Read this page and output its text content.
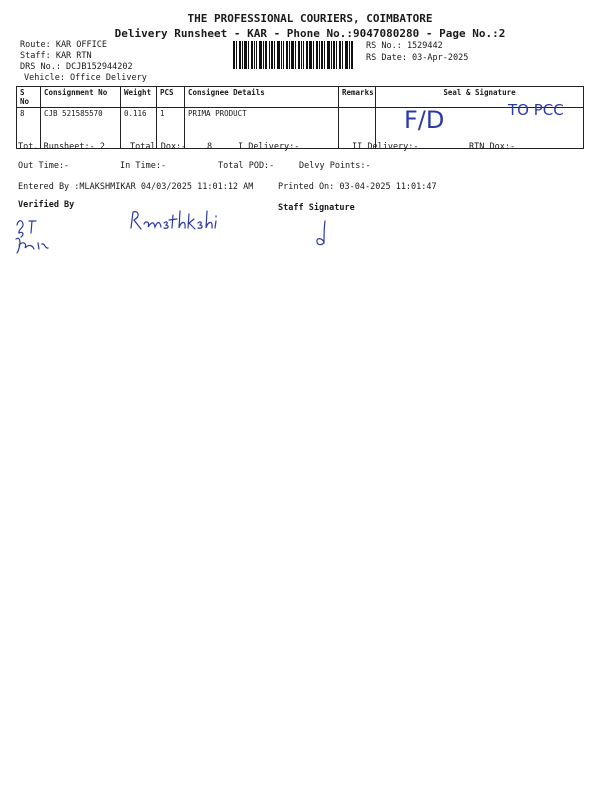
THE PROFESSIONAL COURIERS, COIMBATORE
Delivery Runsheet - KAR - Phone No.:9047080280 - Page No.:2
Route: KAR OFFICE
Staff: KAR RTN
DRS No.: DCJB152944202
Vehicle: Office Delivery
RS No.: 1529442
RS Date: 03-Apr-2025
S No	Consignment No	Weight	PCS	Consignee Details	Remarks	Seal & Signature
8	CJB 521585570	0.116	1	PRIMA PRODUCT			F/D	TO PCC
Tot. Runsheet:- 2	Total Dox:- 8	I Delivery:-	II Delivery:-	RTN Dox:-
Out Time:-	In Time:-	Total POD:-	Delvy Points:-
Entered By :MLAKSHMIKAR 04/03/2025 11:01:12 AM	Printed On: 03-04-2025 11:01:47
Verified By	Staff Signature
